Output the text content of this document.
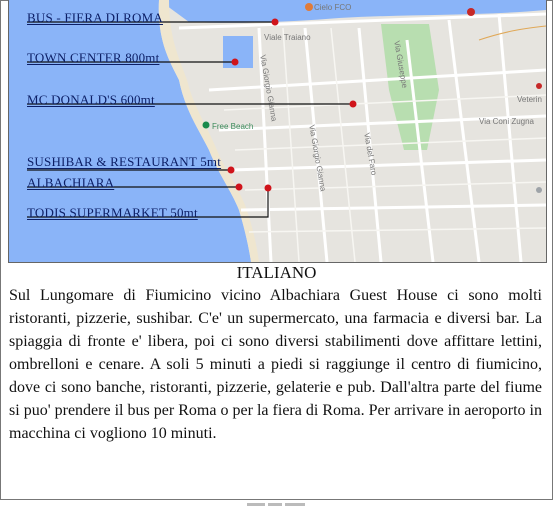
Cielo FCO
Free Beach
Viale Traiano
Via Giorgio Gianna
Via Giorgio Gianna	Via del Faro
Via Giuseppe
Via Coni Zugna
Veterin
BUS - FIERA DI ROMA
TOWN CENTER 800mt
MC DONALD'S 600mt
SUSHIBAR & RESTAURANT 5mt
ALBACHIARA
TODIS SUPERMARKET 50mt
ITALIANO
Sul Lungomare di Fiumicino vicino Albachiara Guest House ci sono molti ristoranti, pizzerie, sushibar. C'e' un supermercato, una farmacia e diversi bar. La spiaggia di fronte e' libera, poi ci sono diversi stabilimenti dove affittare lettini, ombrelloni e cenare. A soli 5 minuti a piedi si raggiunge il centro di fiumicino, dove ci sono banche, ristoranti, pizzerie, gelaterie e pub. Dall'altra parte del fiume si puo' prendere il bus per Roma o per la fiera di Roma. Per arrivare in aeroporto in macchina ci vogliono 10 minuti.
